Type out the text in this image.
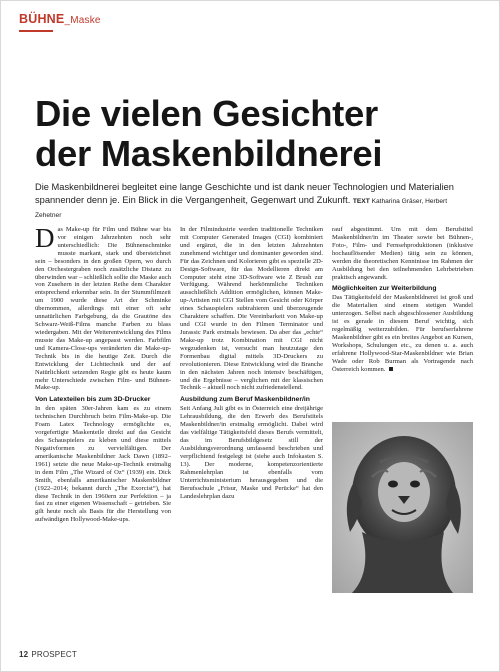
BÜHNE_Maske
Die vielen Gesichter
der Maskenbildnerei
Die Maskenbildnerei begleitet eine lange Geschichte und ist dank neuer Technologien und Materialien spannender denn je. Ein Blick in die Vergangenheit, Gegenwart und Zukunft. TEXT Katharina Gräser, Herbert Zehetner

Das Make-up für Film und Bühne war bis vor einigen Jahrzehnten noch sehr unterschiedlich: Die Bühnenschminke musste markant, stark und übersteichnet sein – besonders in den großen Opern, wo durch den Orchestergraben noch zusätzliche Distanz zu überwinden war – schließlich sollte die Maske auch von Zusehern in der letzten Reihe dem Charakter entsprechend erkennbar sein. In der Stummfilmzeit um 1900 wurde diese Art der Schminke übernommen, allerdings mit einer oft sehr unnatürlichen Farbgebung, da die Grautöne des Schwarz-Weiß-Films manche Farben zu blass wiedergaben. Mit der Weiterentwicklung des Films musste das Make-up angepasst werden. Farbfilm und Kamera-Close-ups veränderten die Make-up-Technik bis in die heutige Zeit. Durch die Entwicklung der Lichttechnik und der auf Natürlichkeit setzenden Regie gibt es heute kaum mehr Unterschiede zwischen Film- und Bühnen-Make-up.

Von Latexteilen bis zum 3D-Drucker

In den späten 30er-Jahren kam es zu einem technischen Durchbruch beim Film-Make-up. Die Foam Latex Technology ermöglichte es, vorgefertigte Maskenteile direkt auf das Gesicht des Schauspielers zu kleben und diese mittels Negativformen zu vervielfältigen. Der amerikanische Maskenbildner Jack Dawn (1892–1961) setzte die neue Make-up-Technik erstmalig in dem Film „The Wizard of Oz“ (1939) ein. Dick Smith, ebenfalls amerikanischer Maskenbildner (1922–2014; bekannt durch „The Exorcist“), hat diese Technik in den 1960ern zur Perfektion – ja fast zu einer eigenen Wissenschaft – getrieben. Sie gilt heute noch als Basis für die Herstellung von aufwändigen Hollywood-Make-ups.

In der Filmindustrie werden traditionelle Techniken mit Computer Generated Images (CGI) kombiniert und ergänzt, die in den letzten Jahrzehnten zunehmend wichtiger und dominanter geworden sind. Für das Zeichnen und Kolorieren gibt es spezielle 2D-Design-Software, für das Modellieren direkt am Computer steht eine 3D-Software wie Z Brush zur Verfügung. Während herkömmliche Techniken ausschließlich Addition ermöglichen, können Make-up-Artisten mit CGI Stellen vom Gesicht oder Körper eines Schauspielers subtrahieren und überzeugende Charaktere schaffen. Die Vereinbarkeit von Make-up und CGI wurde in den Filmen Terminator und Jurassic Park erstmals bewiesen. Da aber das „echte“ Make-up trotz Kombination mit CGI nicht wegzudenken ist, versucht man heutzutage den Formenbau digital mittels 3D-Druckers zu revolutionieren. Diese Entwicklung wird die Branche in den nächsten Jahren noch intensiv beschäftigen, und die Ergebnisse – verglichen mit der klassischen Technik – aktuell noch nicht zufriedenstellend.

Ausbildung zum Beruf Maskenbildner/in

Seit Anfang Juli gibt es in Österreich eine dreijährige Lehrausbildung, die den Erwerb des Berufstitels Maskenbildner/in erstmalig ermöglicht. Dabei wird das vielfältige Tätigkeitsfeld dieses Berufs vermittelt, das im Berufsbildgesetz still der Ausbildungsverordnung umfassend beschrieben und verpflichtend festgelegt ist (siehe auch Infokasten S. 13). Der moderne, kompetenzorientierte Rahmenlehrplan ist ebenfalls vom Unterrichtsministerium herausgegeben und die Berufsschule „Frisur, Maske und Perücke“ hat den Landeslehrplan dazu

rauf abgestimmt. Um mit dem Berufstitel Maskenbildner/in im Theater sowie bei Bühnen-, Foto-, Film- und Fernsehproduktionen (inklusive hochauflösender Medien) tätig sein zu können, werden die theoretischen Kenntnisse im Rahmen der Ausbildung bei den teilnehmenden Lehrbetrieben praktisch angewandt.

Möglichkeiten zur Weiterbildung

Das Tätigkeitsfeld der Maskenbildnerei ist groß und die Materialien sind einem stetigen Wandel unterzogen. Selbst nach abgeschlossener Ausbildung ist es gerade in diesem Beruf wichtig, sich regelmäßig weiterzubilden. Für berufserfahrene Maskenbildner gibt es ein breites Angebot an Kursen, Workshops, Schulungen etc., zu denen u. a. auch erfahrene Hollywood-Star-Maskenbildner wie Brian Wade oder Rob Burman als Vortragende nach Österreich kommen.

12 PROSPECT
